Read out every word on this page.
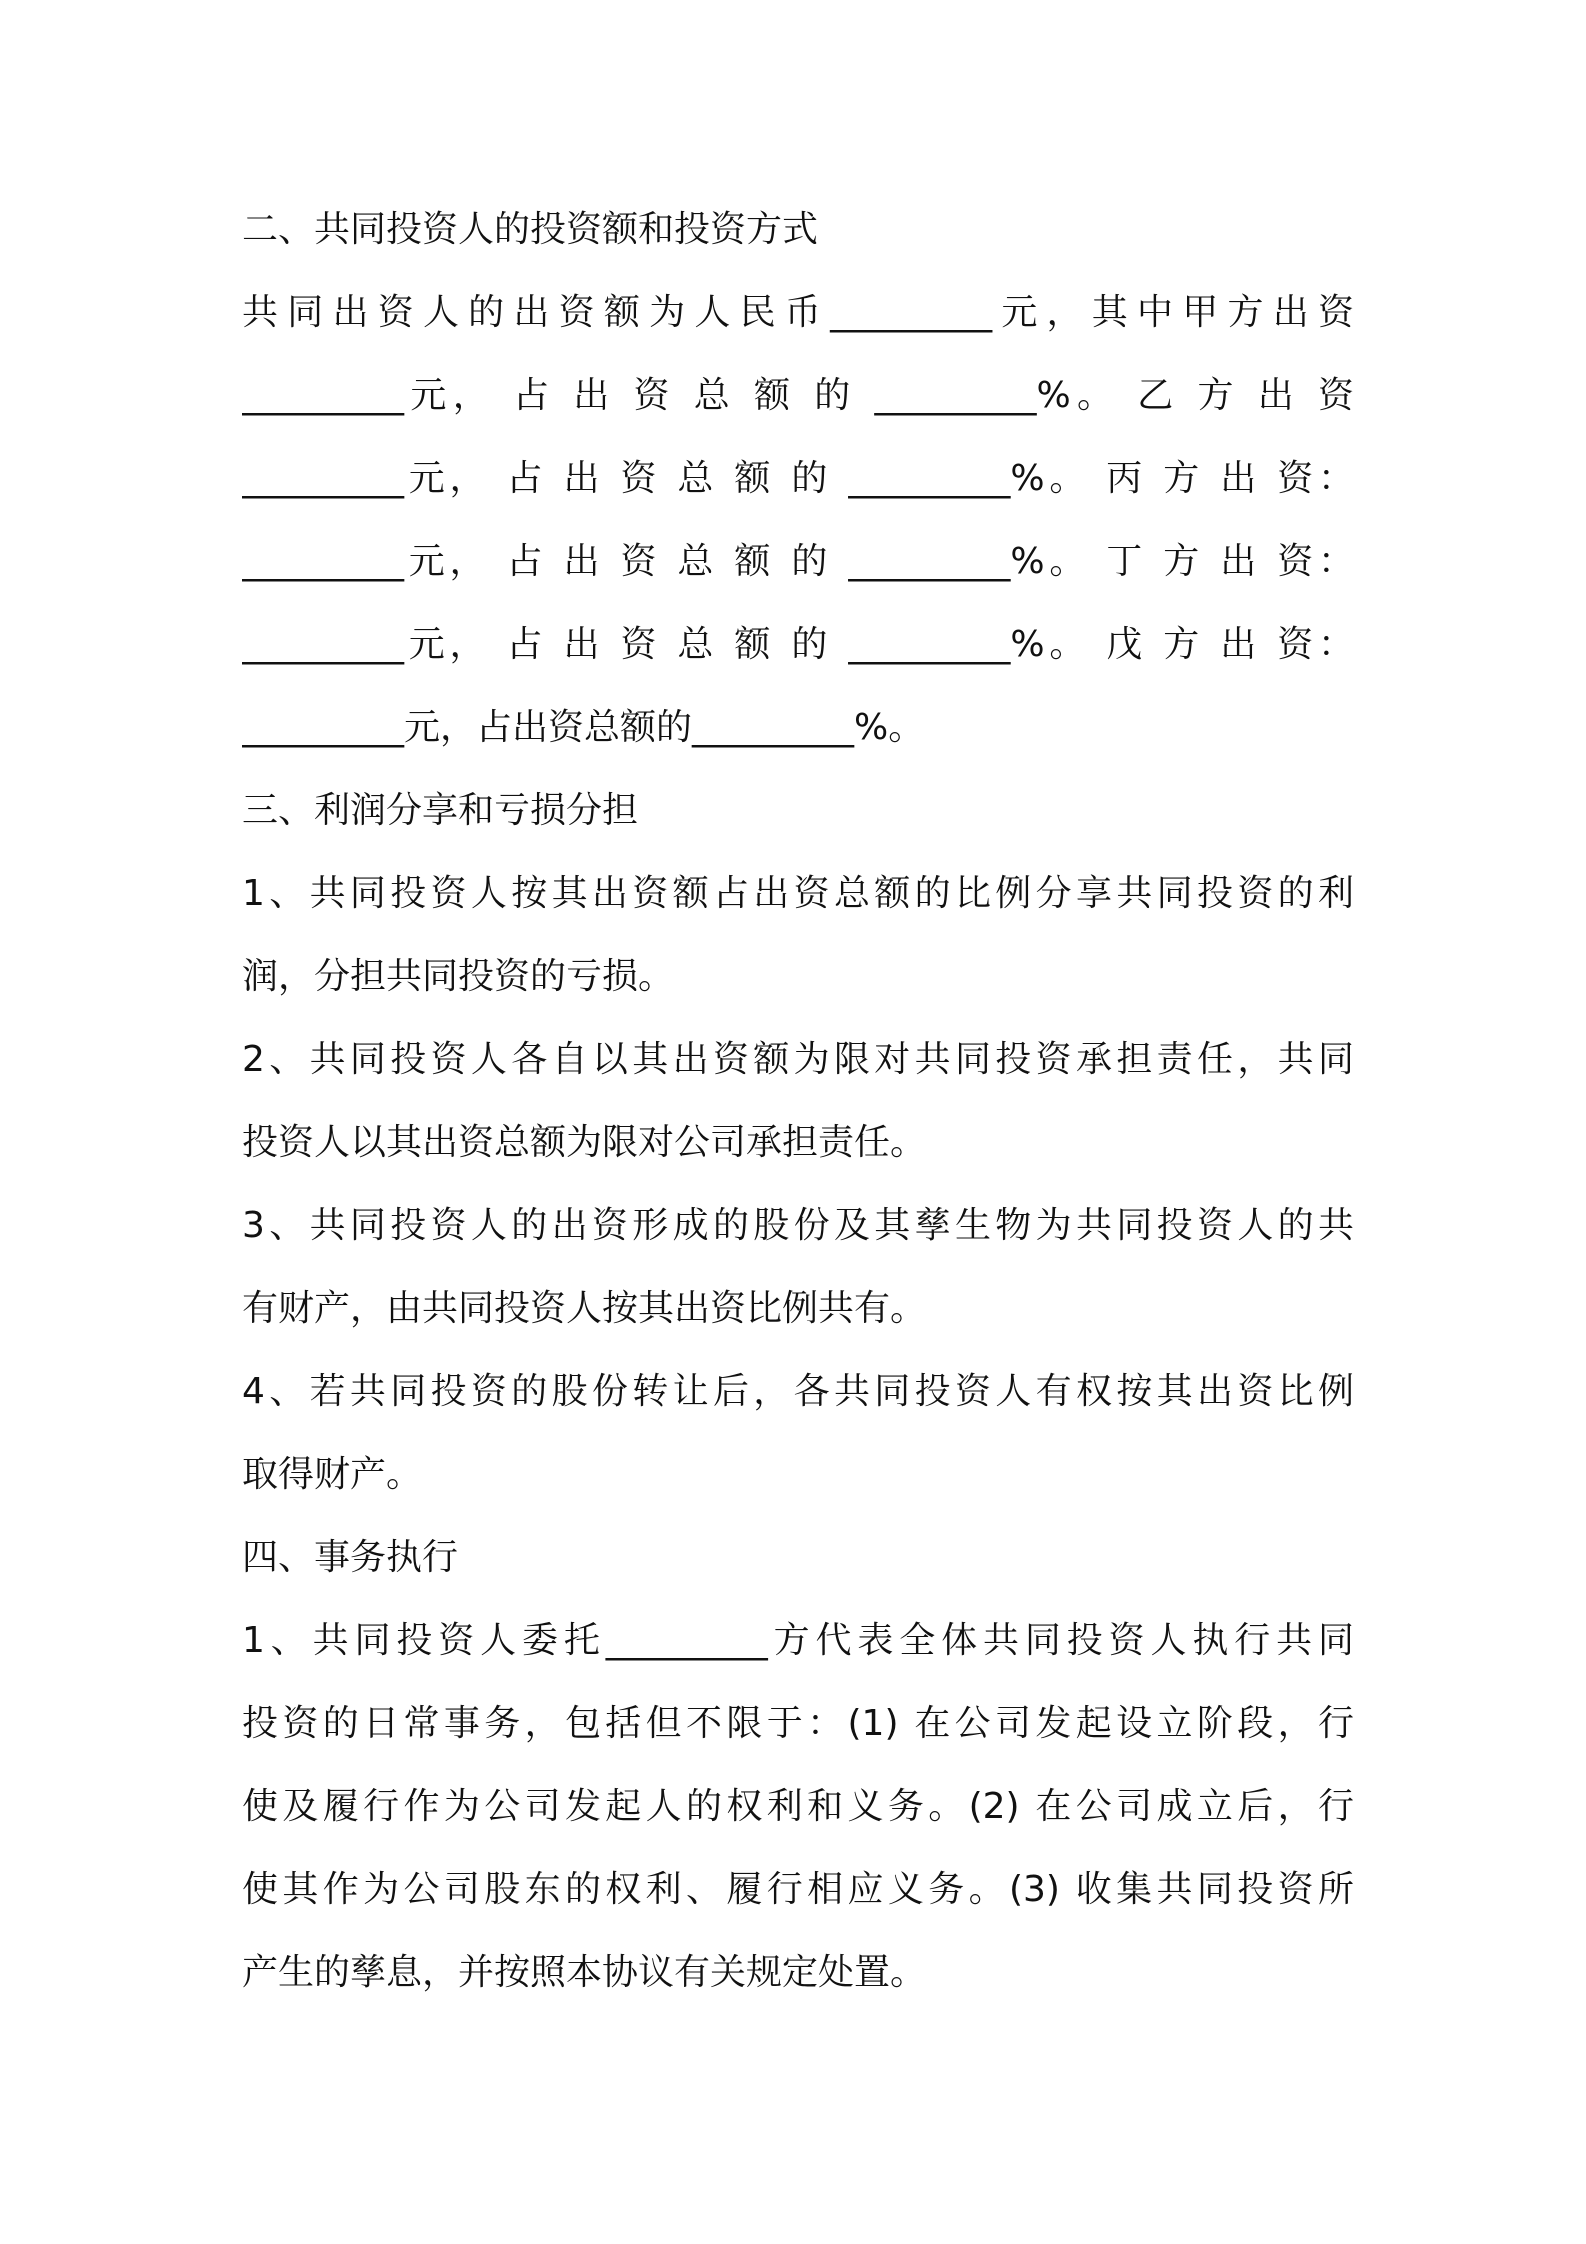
二、共同投资人的投资额和投资方式
共同出资人的出资额为人民币_________元，其中甲方出资
_________元， 占 出 资 总 额 的 _________%。 乙 方 出 资
_________元， 占 出 资 总 额 的 _________%。 丙 方 出 资：
_________元， 占 出 资 总 额 的 _________%。 丁 方 出 资：
_________元， 占 出 资 总 额 的 _________%。 戊 方 出 资：
_________元，占出资总额的_________%。
三、利润分享和亏损分担
1、共同投资人按其出资额占出资总额的比例分享共同投资的利
润，分担共同投资的亏损。
2、共同投资人各自以其出资额为限对共同投资承担责任，共同
投资人以其出资总额为限对公司承担责任。
3、共同投资人的出资形成的股份及其孳生物为共同投资人的共
有财产，由共同投资人按其出资比例共有。
4、若共同投资的股份转让后，各共同投资人有权按其出资比例
取得财产。
四、事务执行
1、共同投资人委托_________方代表全体共同投资人执行共同
投资的日常事务，包括但不限于：(1) 在公司发起设立阶段，行
使及履行作为公司发起人的权利和义务。(2) 在公司成立后，行
使其作为公司股东的权利、履行相应义务。(3) 收集共同投资所
产生的孳息，并按照本协议有关规定处置。
